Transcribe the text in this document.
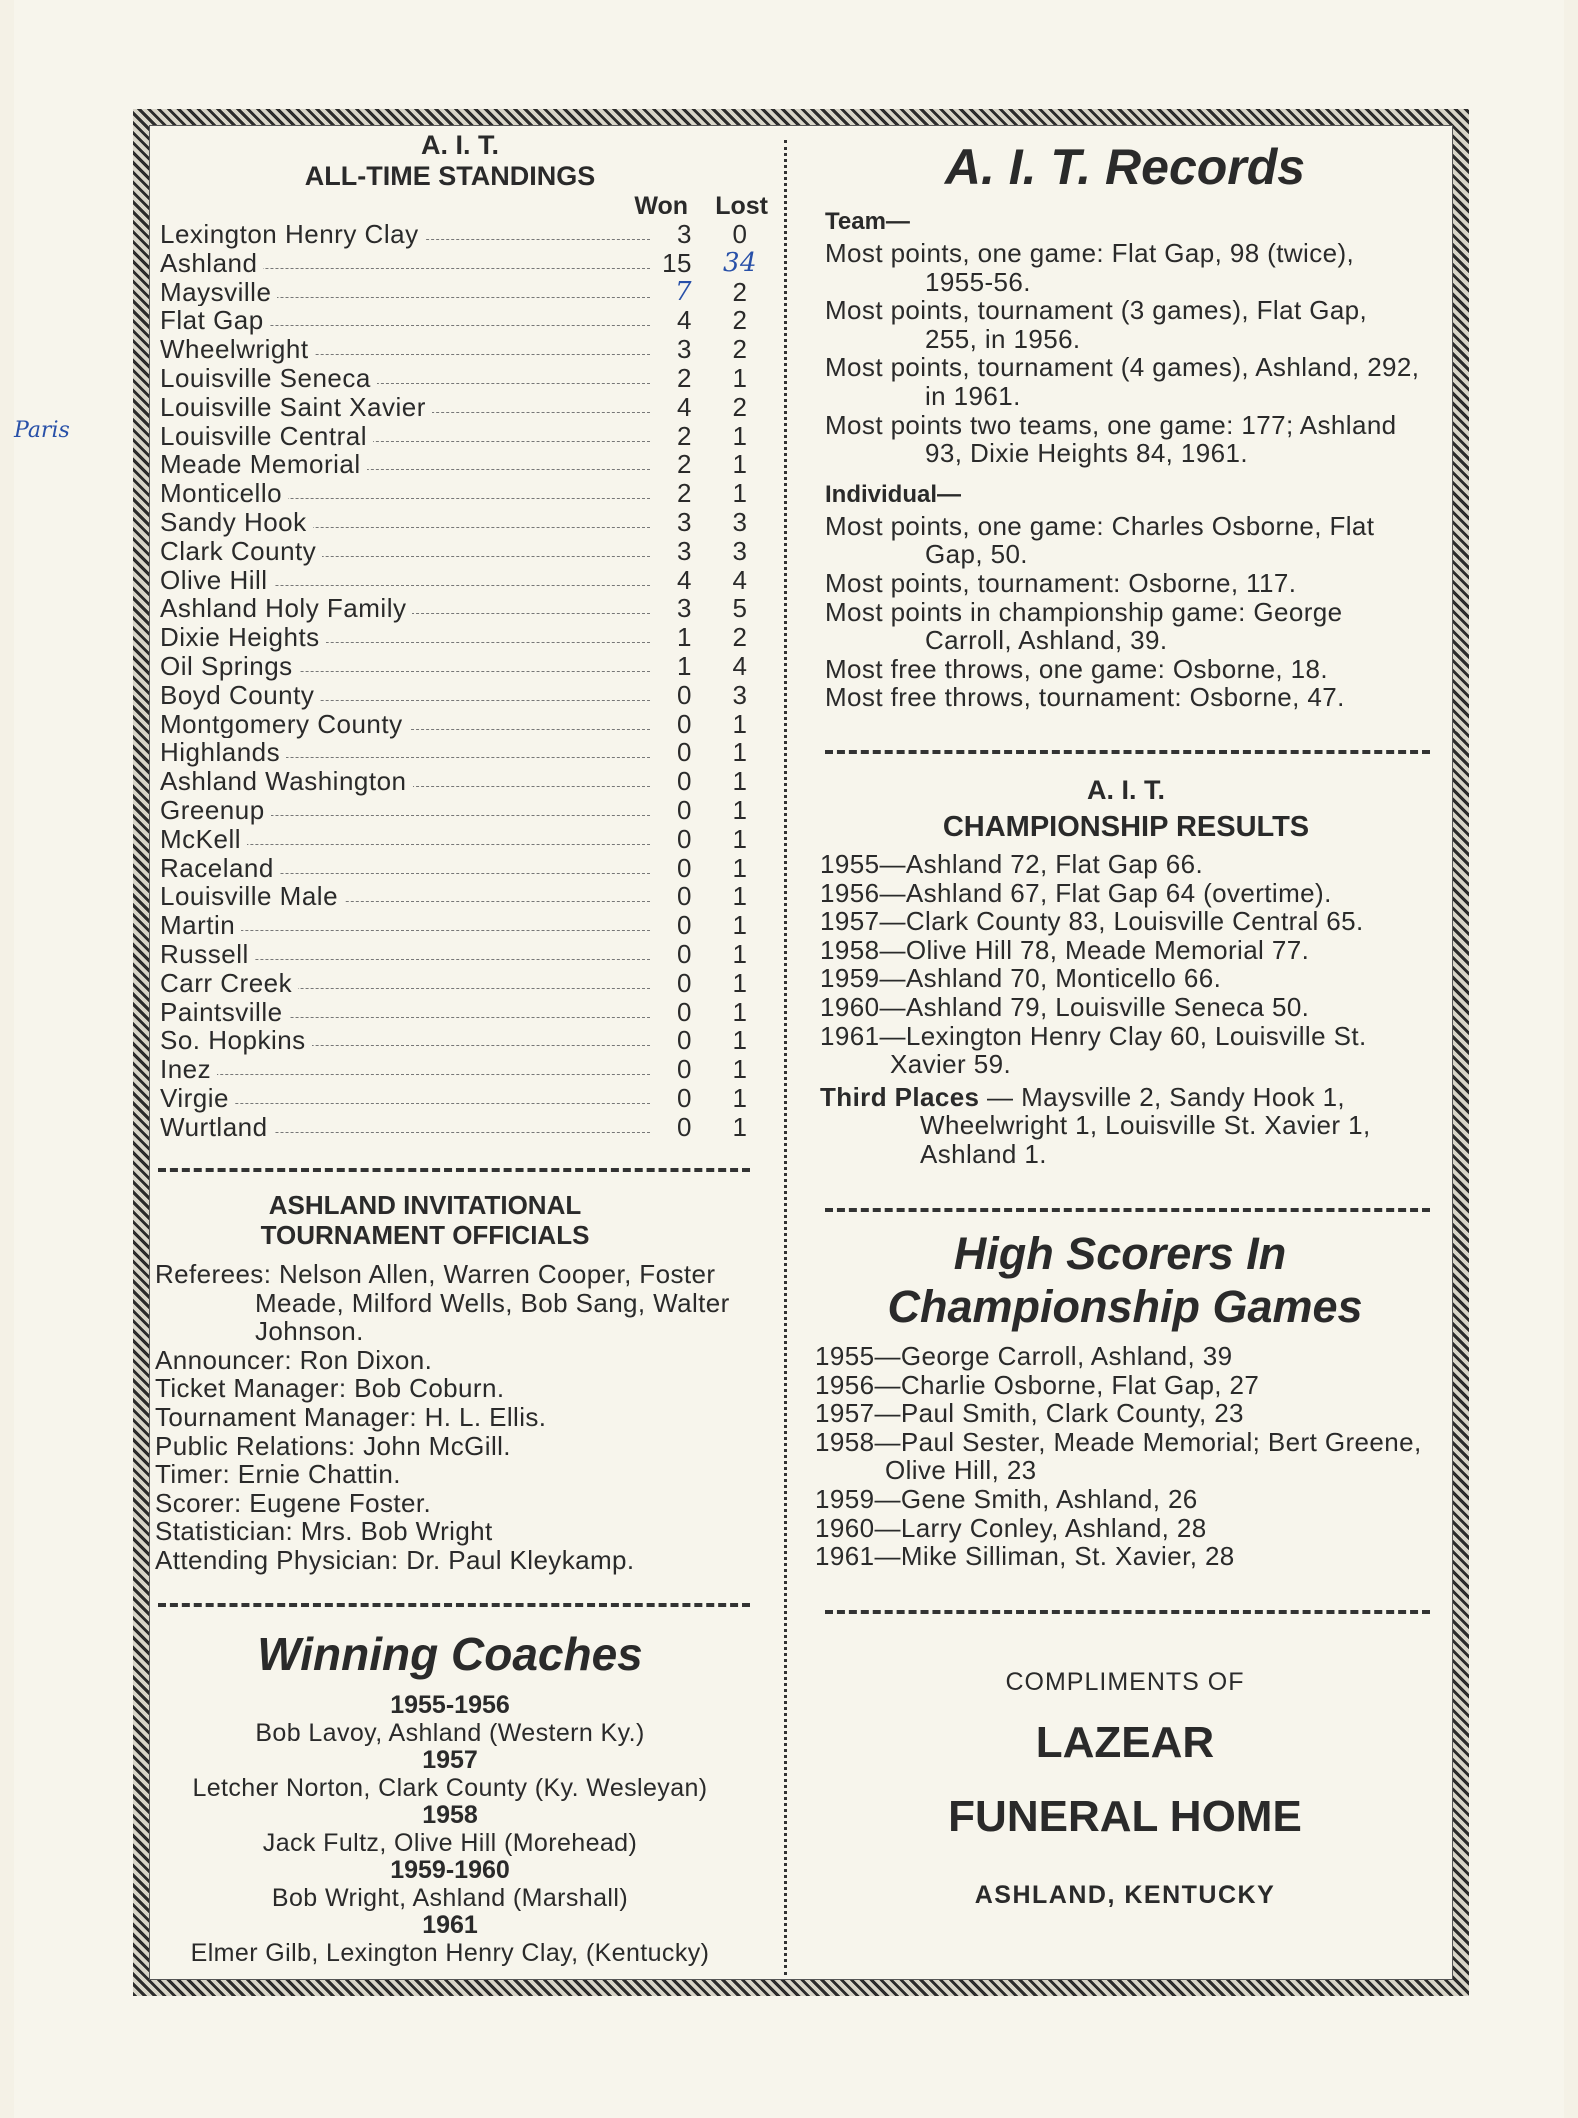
Paris
A. I. T.
ALL-TIME STANDINGS
Won Lost
Lexington Henry Clay	3	0
Ashland	15 34
Maysville	7	2
Flat Gap	4	2
Wheelwright	3	2
Louisville Seneca	2	1
Louisville Saint Xavier	4	2
Louisville Central	2	1
Meade Memorial	2	1
Monticello	2	1
Sandy Hook	3	3
Clark County	3	3
Olive Hill	4	4
Ashland Holy Family	3	5
Dixie Heights	1	2
Oil Springs	1	4
Boyd County	0	3
Montgomery County	0	1
Highlands	0	1
Ashland Washington	0	1
Greenup	0	1
McKell	0	1
Raceland	0	1
Louisville Male	0	1
Martin	0	1
Russell	0	1
Carr Creek	0	1
Paintsville	0	1
So. Hopkins	0	1
Inez	0	1
Virgie	0	1
Wurtland	0	1
ASHLAND INVITATIONAL
TOURNAMENT OFFICIALS
Referees: Nelson Allen, Warren Cooper, Foster Meade, Milford Wells, Bob Sang, Walter Johnson.
Announcer: Ron Dixon.
Ticket Manager: Bob Coburn.
Tournament Manager: H. L. Ellis.
Public Relations: John McGill.
Timer: Ernie Chattin.
Scorer: Eugene Foster.
Statistician: Mrs. Bob Wright
Attending Physician: Dr. Paul Kleykamp.
Winning Coaches
1955-1956
Bob Lavoy, Ashland (Western Ky.)
1957
Letcher Norton, Clark County (Ky. Wesleyan)
1958
Jack Fultz, Olive Hill (Morehead)
1959-1960
Bob Wright, Ashland (Marshall)
1961
Elmer Gilb, Lexington Henry Clay, (Kentucky)
A. I. T. Records
Team—
Most points, one game: Flat Gap, 98 (twice), 1955-56.
Most points, tournament (3 games), Flat Gap, 255, in 1956.
Most points, tournament (4 games), Ashland, 292, in 1961.
Most points two teams, one game: 177; Ashland 93, Dixie Heights 84, 1961.
Individual—
Most points, one game: Charles Osborne, Flat Gap, 50.
Most points, tournament: Osborne, 117.
Most points in championship game: George Carroll, Ashland, 39.
Most free throws, one game: Osborne, 18.
Most free throws, tournament: Osborne, 47.
A. I. T.
CHAMPIONSHIP RESULTS
1955—Ashland 72, Flat Gap 66.
1956—Ashland 67, Flat Gap 64 (overtime).
1957—Clark County 83, Louisville Central 65.
1958—Olive Hill 78, Meade Memorial 77.
1959—Ashland 70, Monticello 66.
1960—Ashland 79, Louisville Seneca 50.
1961—Lexington Henry Clay 60, Louisville St. Xavier 59.
Third Places — Maysville 2, Sandy Hook 1, Wheelwright 1, Louisville St. Xavier 1, Ashland 1.
High Scorers In
Championship Games
1955—George Carroll, Ashland, 39
1956—Charlie Osborne, Flat Gap, 27
1957—Paul Smith, Clark County, 23
1958—Paul Sester, Meade Memorial; Bert Greene, Olive Hill, 23
1959—Gene Smith, Ashland, 26
1960—Larry Conley, Ashland, 28
1961—Mike Silliman, St. Xavier, 28
COMPLIMENTS OF
LAZEAR
FUNERAL HOME
ASHLAND, KENTUCKY
